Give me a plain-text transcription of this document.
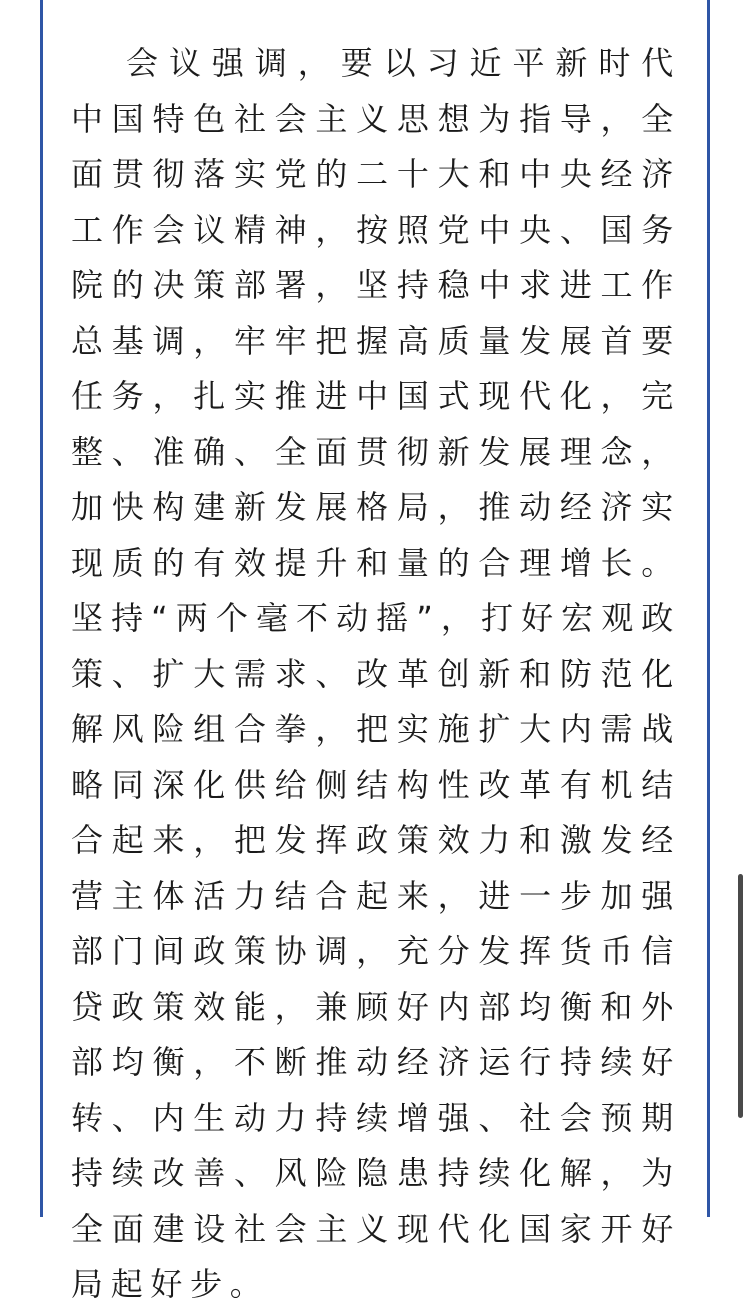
会议强调，要以习近平新时代中国特色社会主义思想为指导，全面贯彻落实党的二十大和中央经济工作会议精神，按照党中央、国务院的决策部署，坚持稳中求进工作总基调，牢牢把握高质量发展首要任务，扎实推进中国式现代化，完整、准确、全面贯彻新发展理念，加快构建新发展格局，推动经济实现质的有效提升和量的合理增长。坚持“两个毫不动摇”，打好宏观政策、扩大需求、改革创新和防范化解风险组合拳，把实施扩大内需战略同深化供给侧结构性改革有机结合起来，把发挥政策效力和激发经营主体活力结合起来，进一步加强部门间政策协调，充分发挥货币信贷政策效能，兼顾好内部均衡和外部均衡，不断推动经济运行持续好转、内生动力持续增强、社会预期持续改善、风险隐患持续化解，为全面建设社会主义现代化国家开好局起好步。
